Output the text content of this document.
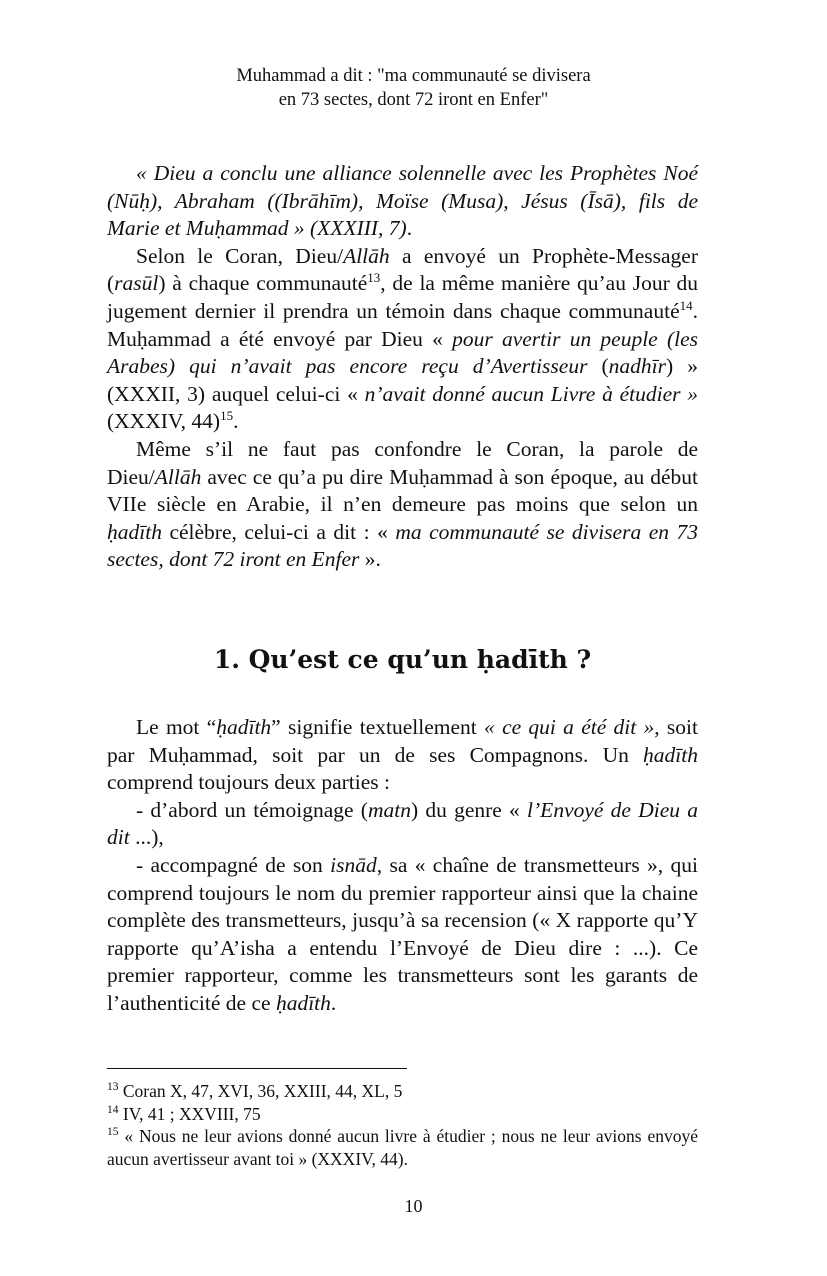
Muhammad a dit : "ma communauté se divisera
en 73 sectes, dont 72 iront en Enfer"

« Dieu a conclu une alliance solennelle avec les Prophètes Noé (Nūḥ), Abraham ((Ibrāhīm), Moïse (Musa), Jésus (Īsā), fils de Marie et Muḥammad » (XXXIII, 7).

Selon le Coran, Dieu/Allāh a envoyé un Prophète-Messager (rasūl) à chaque communauté$^{13}$, de la même manière qu’au Jour du jugement dernier il prendra un témoin dans chaque communauté$^{14}$. Muḥammad a été envoyé par Dieu « pour avertir un peuple (les Arabes) qui n’avait pas encore reçu d’Avertisseur (nadhīr) » (XXXII, 3) auquel celui-ci « n’avait donné aucun Livre à étudier » (XXXIV, 44)$^{15}$.

Même s’il ne faut pas confondre le Coran, la parole de Dieu/Allāh avec ce qu’a pu dire Muḥammad à son époque, au début VIIe siècle en Arabie, il n’en demeure pas moins que selon un ḥadīth célèbre, celui-ci a dit : « ma communauté se divisera en 73 sectes, dont 72 iront en Enfer ».

1. Qu’est ce qu’un ḥadīth ?

Le mot “ḥadīth” signifie textuellement « ce qui a été dit », soit par Muḥammad, soit par un de ses Compagnons. Un ḥadīth comprend toujours deux parties :

- d’abord un témoignage (matn) du genre « l’Envoyé de Dieu a dit ...),

- accompagné de son isnād, sa « chaîne de transmetteurs », qui comprend toujours le nom du premier rapporteur ainsi que la chaine complète des transmetteurs, jusqu’à sa recension (« X rapporte qu’Y rapporte qu’A’isha a entendu l’Envoyé de Dieu dire : ...). Ce premier rapporteur, comme les transmetteurs sont les garants de l’authenticité de ce ḥadīth.

$^{13}$ Coran X, 47, XVI, 36, XXIII, 44, XL, 5

$^{14}$ IV, 41 ; XXVIII, 75

$^{15}$ « Nous ne leur avions donné aucun livre à étudier ; nous ne leur avions envoyé aucun avertisseur avant toi » (XXXIV, 44).

10
